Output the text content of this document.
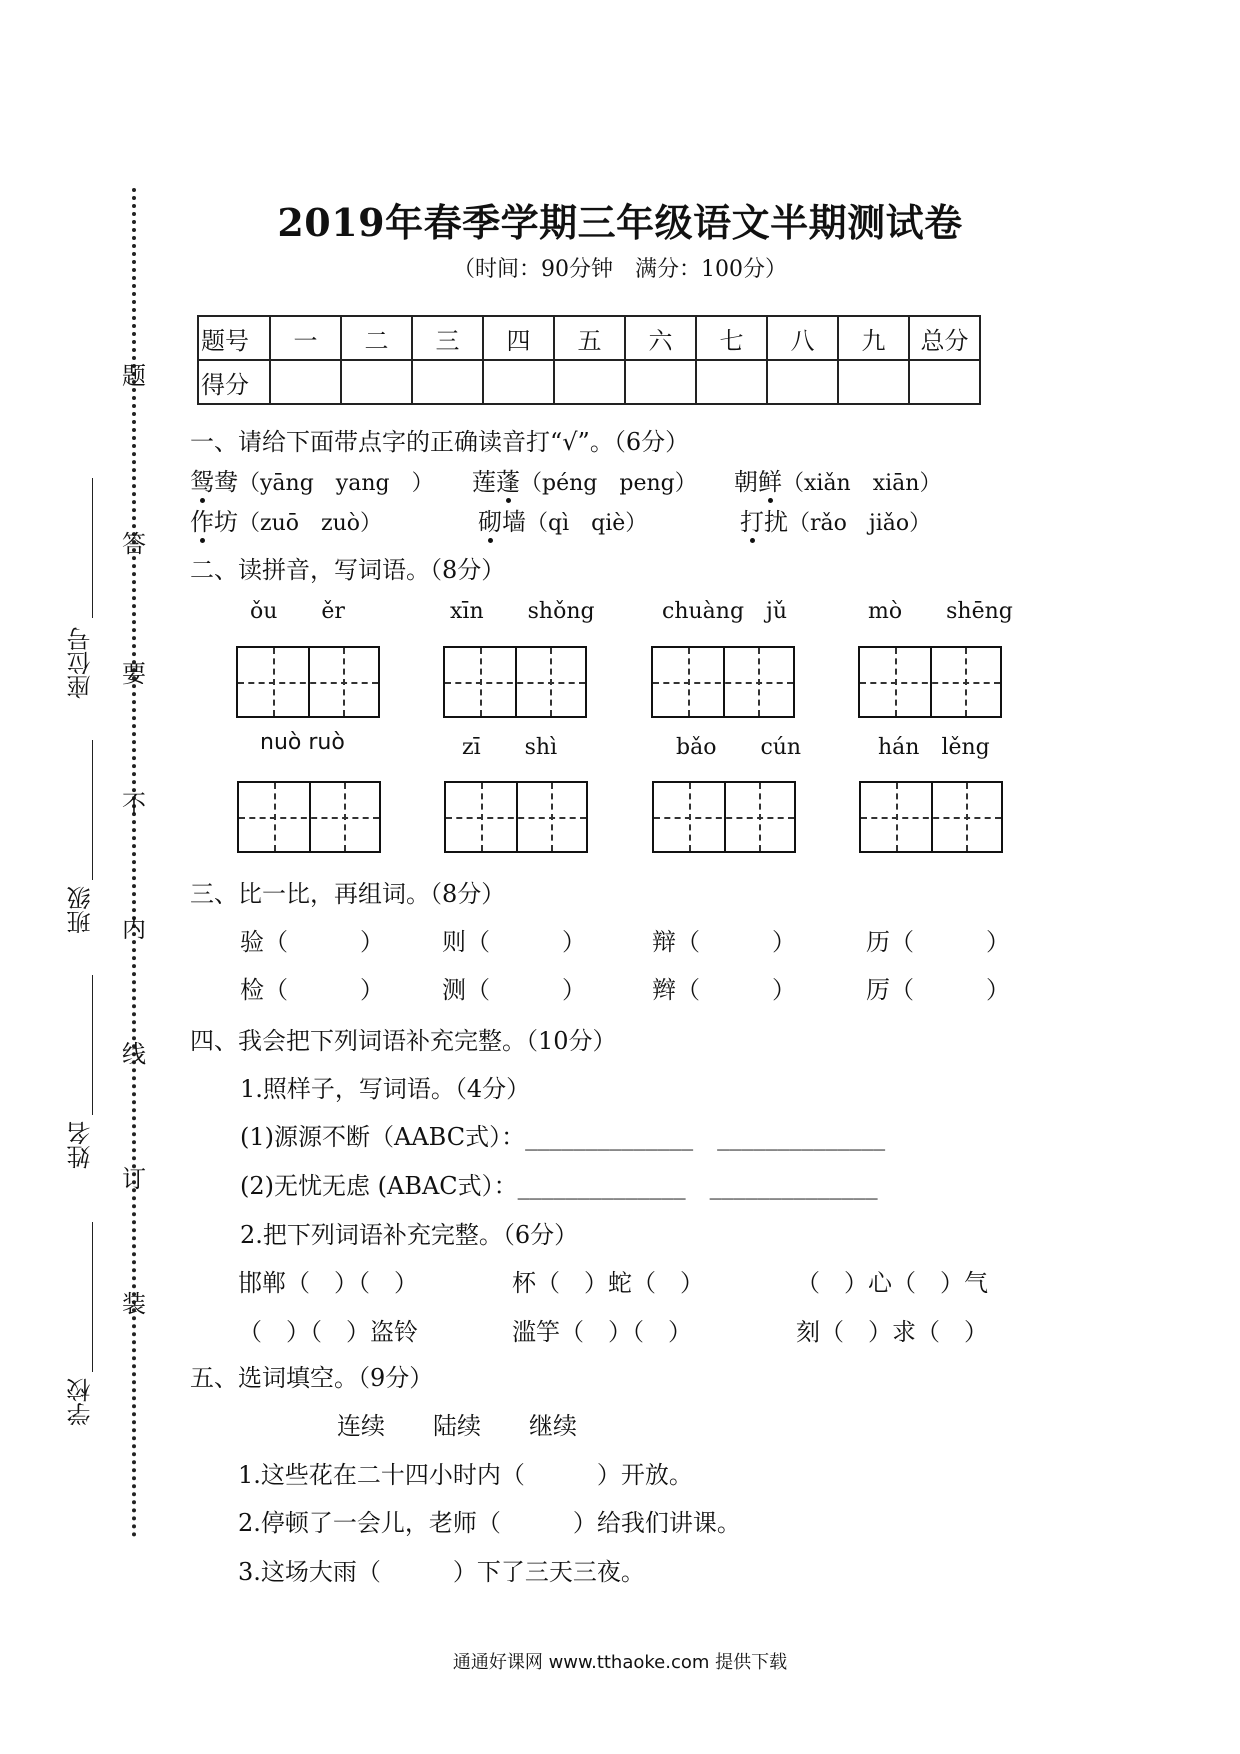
题
答
要
不
内
线
订
装
座位号
班级
姓名
学校
2019年春季学期三年级语文半期测试卷
（时间：90分钟　满分：100分）
题号	一	二	三	四	五	六	七	八	九	总分
得分										
一、请给下面带点字的正确读音打“√”。（6分）
鸳鸯（yāng　yang　） 莲蓬（péng　peng） 朝鲜（xiǎn　xiān）
作坊（zuō　zuò）	砌墙（qì　qiè）	打扰（rǎo　jiǎo）
二、读拼音，写词语。（8分）
ǒu　　ěr	xīn　　shǒng	chuàng　jǔ	mò　　shēng
nuò ruò	zī　　shì	bǎo　　cún	hán　lěng
三、比一比，再组词。（8分）
验（　　　） 则（　　　）	辩（　　　）	历（　　　）
检（　　　） 测（　　　）	辫（　　　）	厉（　　　）
四、我会把下列词语补充完整。（10分）
1.照样子，写词语。（4分）
(1)源源不断（AABC式）：______________　______________
(2)无忧无虑 (ABAC式）：______________　______________
2.把下列词语补充完整。（6分）
邯郸（　）（　）	杯（　）蛇（　）	（　）心（　）气
（　）（　）盗铃	滥竽（　）（　）	刻（　）求（　）
五、选词填空。（9分）
连续　　陆续　　继续
1.这些花在二十四小时内（　　　）开放。
2.停顿了一会儿，老师（　　　）给我们讲课。
3.这场大雨（　　　）下了三天三夜。
通通好课网 www.tthaoke.com 提供下载
